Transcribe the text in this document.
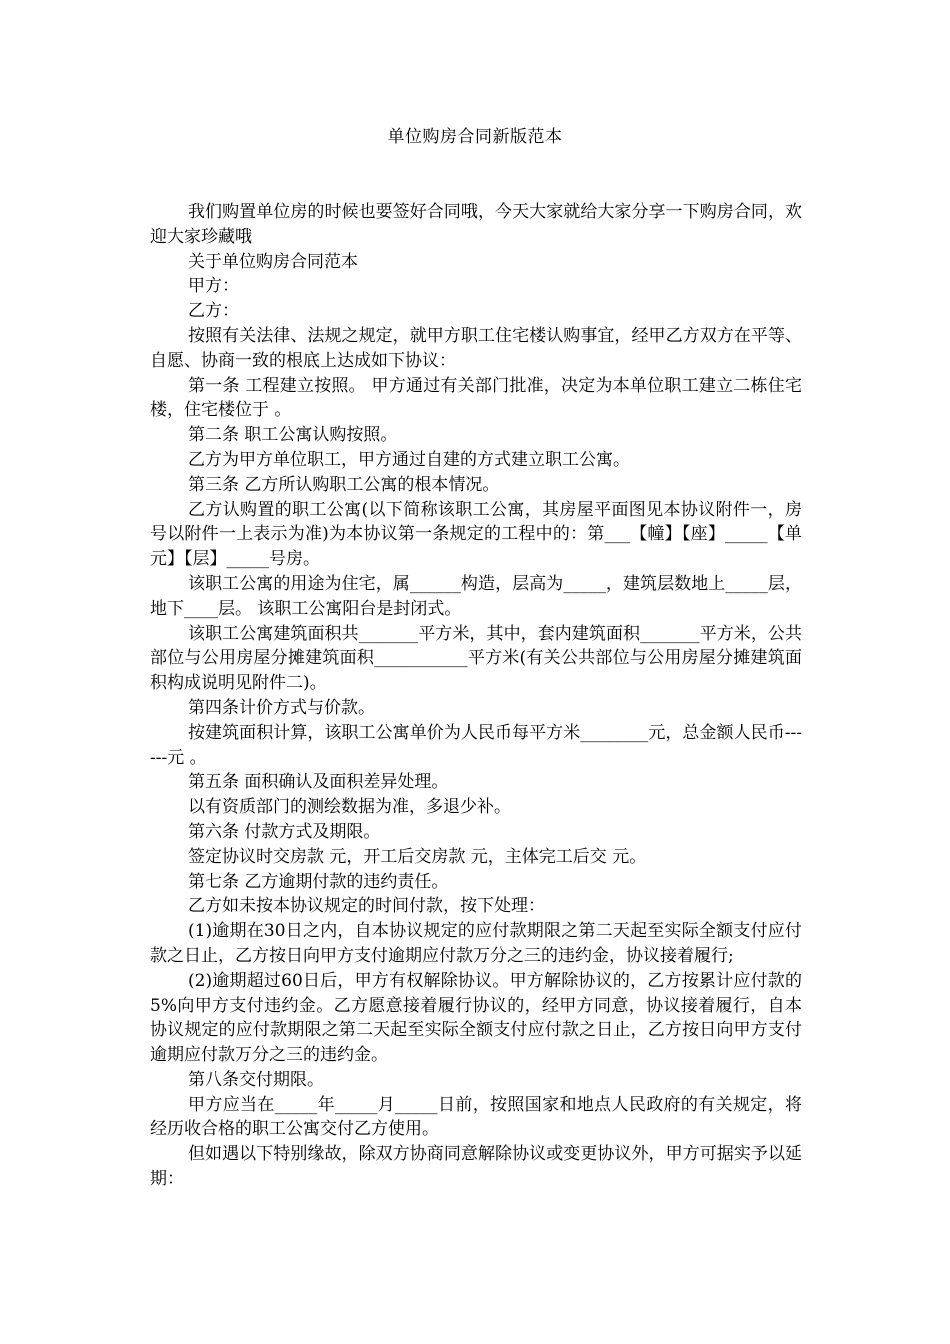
单位购房合同新版范本

我们购置单位房的时候也要签好合同哦，今天大家就给大家分享一下购房合同，欢迎大家珍藏哦

关于单位购房合同范本

甲方：

乙方：

按照有关法律、法规之规定，就甲方职工住宅楼认购事宜，经甲乙方双方在平等、自愿、协商一致的根底上达成如下协议：

第一条 工程建立按照。 甲方通过有关部门批准，决定为本单位职工建立二栋住宅楼，住宅楼位于 。

第二条 职工公寓认购按照。

乙方为甲方单位职工，甲方通过自建的方式建立职工公寓。

第三条 乙方所认购职工公寓的根本情况。

乙方认购置的职工公寓(以下简称该职工公寓，其房屋平面图见本协议附件一，房号以附件一上表示为准)为本协议第一条规定的工程中的：第___【幢】【座】_____【单元】【层】_____号房。

该职工公寓的用途为住宅，属______构造，层高为_____，建筑层数地上_____层，地下____层。 该职工公寓阳台是封闭式。

该职工公寓建筑面积共_______平方米，其中，套内建筑面积_______平方米，公共部位与公用房屋分摊建筑面积___________平方米(有关公共部位与公用房屋分摊建筑面积构成说明见附件二)。

第四条计价方式与价款。

按建筑面积计算，该职工公寓单价为人民币每平方米________元，总金额人民币------元 。

第五条 面积确认及面积差异处理。

以有资质部门的测绘数据为准，多退少补。

第六条 付款方式及期限。

签定协议时交房款 元，开工后交房款 元，主体完工后交 元。

第七条 乙方逾期付款的违约责任。

乙方如未按本协议规定的时间付款，按下处理：

(1)逾期在30日之内，自本协议规定的应付款期限之第二天起至实际全额支付应付款之日止，乙方按日向甲方支付逾期应付款万分之三的违约金，协议接着履行;

(2)逾期超过60日后，甲方有权解除协议。甲方解除协议的，乙方按累计应付款的5%向甲方支付违约金。乙方愿意接着履行协议的，经甲方同意，协议接着履行，自本协议规定的应付款期限之第二天起至实际全额支付应付款之日止，乙方按日向甲方支付逾期应付款万分之三的违约金。

第八条交付期限。

甲方应当在_____年_____月_____日前，按照国家和地点人民政府的有关规定，将经历收合格的职工公寓交付乙方使用。

但如遇以下特别缘故，除双方协商同意解除协议或变更协议外，甲方可据实予以延期：
